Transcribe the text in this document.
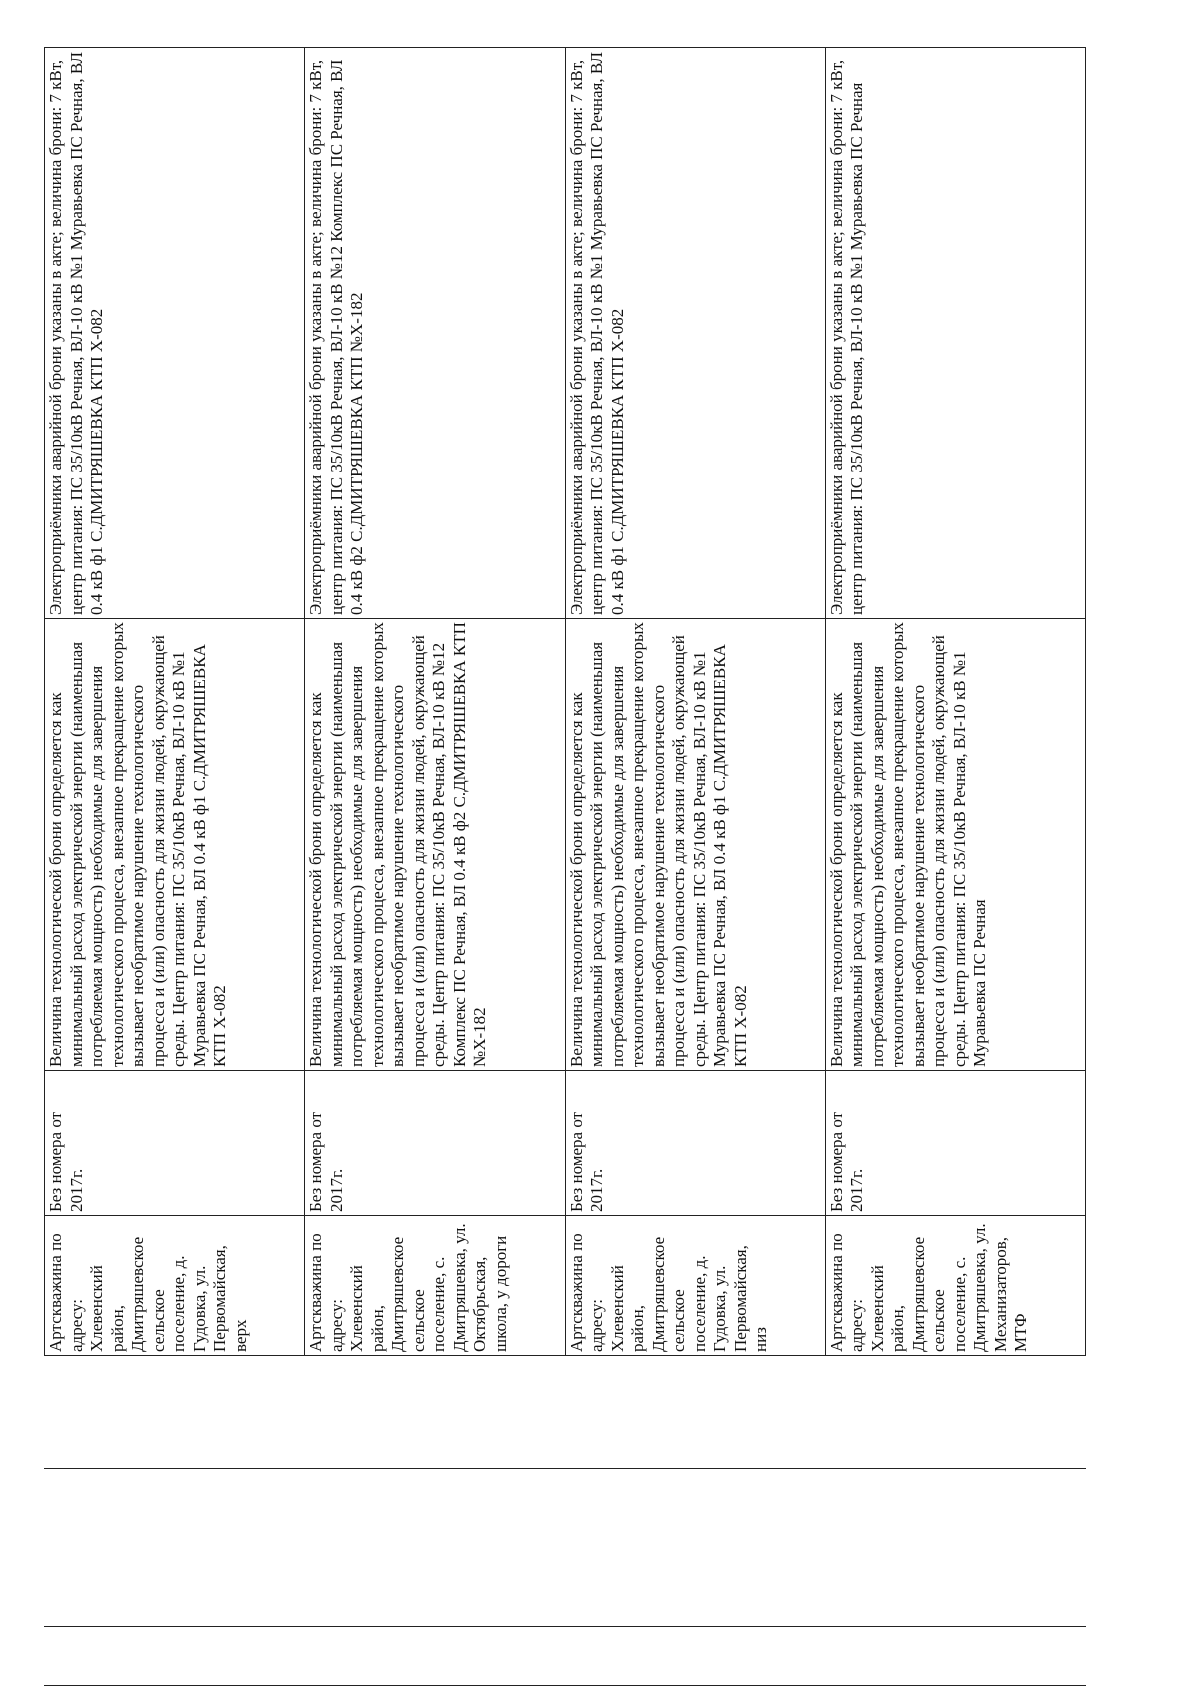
Артскважина по адресу: Хлевенский район, Дмитряшевское сельское поселение, д. Гудовка, ул. Первомайская, верх	Без номера от 2017г.	Величина технологической брони определяется как минимальный расход электрической энергии (наименьшая потребляемая мощность) необходимые для завершения технологического процесса, внезапное прекращение которых вызывает необратимое нарушение технологического процесса и (или) опасность для жизни людей, окружающей среды. Центр питания: ПС 35/10кВ Речная, ВЛ-10 кВ №1 Муравьевка ПС Речная, ВЛ 0.4 кВ ф1 С.ДМИТРЯШЕВКА КТП Х-082	Электроприёмники аварийной брони указаны в акте; величина брони: 7 кВт, центр питания: ПС 35/10кВ Речная, ВЛ-10 кВ №1 Муравьевка ПС Речная, ВЛ 0.4 кВ ф1 С.ДМИТРЯШЕВКА КТП Х-082
Артскважина по адресу: Хлевенский район, Дмитряшевское сельское поселение, с. Дмитряшевка, ул. Октябрьская, школа, у дороги	Без номера от 2017г.	Величина технологической брони определяется как минимальный расход электрической энергии (наименьшая потребляемая мощность) необходимые для завершения технологического процесса, внезапное прекращение которых вызывает необратимое нарушение технологического процесса и (или) опасность для жизни людей, окружающей среды. Центр питания: ПС 35/10кВ Речная, ВЛ-10 кВ №12 Комплекс ПС Речная, ВЛ 0.4 кВ ф2 С.ДМИТРЯШЕВКА КТП №Х-182	Электроприёмники аварийной брони указаны в акте; величина брони: 7 кВт, центр питания: ПС 35/10кВ Речная, ВЛ-10 кВ №12 Комплекс ПС Речная, ВЛ 0.4 кВ ф2 С.ДМИТРЯШЕВКА КТП №Х-182
Артскважина по адресу: Хлевенский район, Дмитряшевское сельское поселение, д. Гудовка, ул. Первомайская, низ	Без номера от 2017г.	Величина технологической брони определяется как минимальный расход электрической энергии (наименьшая потребляемая мощность) необходимые для завершения технологического процесса, внезапное прекращение которых вызывает необратимое нарушение технологического процесса и (или) опасность для жизни людей, окружающей среды. Центр питания: ПС 35/10кВ Речная, ВЛ-10 кВ №1 Муравьевка ПС Речная, ВЛ 0.4 кВ ф1 С.ДМИТРЯШЕВКА КТП Х-082	Электроприёмники аварийной брони указаны в акте; величина брони: 7 кВт, центр питания: ПС 35/10кВ Речная, ВЛ-10 кВ №1 Муравьевка ПС Речная, ВЛ 0.4 кВ ф1 С.ДМИТРЯШЕВКА КТП Х-082
Артскважина по адресу: Хлевенский район, Дмитряшевское сельское поселение, с. Дмитряшевка, ул. Механизаторов, МТФ	Без номера от 2017г.	Величина технологической брони определяется как минимальный расход электрической энергии (наименьшая потребляемая мощность) необходимые для завершения технологического процесса, внезапное прекращение которых вызывает необратимое нарушение технологического процесса и (или) опасность для жизни людей, окружающей среды. Центр питания: ПС 35/10кВ Речная, ВЛ-10 кВ №1 Муравьевка ПС Речная	Электроприёмники аварийной брони указаны в акте; величина брони: 7 кВт, центр питания: ПС 35/10кВ Речная, ВЛ-10 кВ №1 Муравьевка ПС Речная
